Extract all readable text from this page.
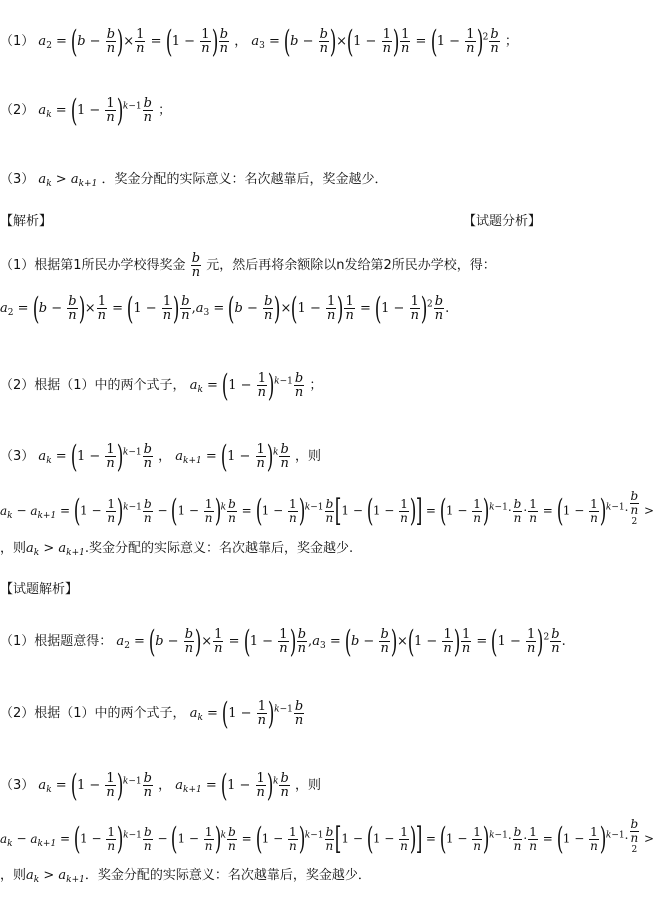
（1） $a_2 = (b - \frac{b}{n}$ )× $\frac{1}{n} = (1 - \frac{1}{n}$ ) $\frac{b}{n}$ ， $a_3 = (b - \frac{b}{n} )\times(1 - \frac{1}{n}$ ) $\frac{1}{n} = (1 - \frac{1}{n} )^2 \frac{b}{n}$ ；
（2） $a_k = (1 - \frac{1}{n} )^{k-1} \frac{b}{n}$ ；
（3） $a_k > a_{k+1}$ ．奖金分配的实际意义：名次越靠后，奖金越少．
【解析】	【试题分析】
（1）根据第1所民办学校得奖金 $\frac{b}{n}$ 元，然后再将余额除以n发给第2所民办学校，得：
$a_2 = (b - \frac{b}{n}$ )× $\frac{1}{n} = (1 - \frac{1}{n}$ ) $\frac{b}{n} ,a_3 = (b - \frac{b}{n} )\times(1 - \frac{1}{n}$ ) $\frac{1}{n} = (1 - \frac{1}{n} )^2 \frac{b}{n}$ .
（2）根据（1）中的两个式子， $a_k = (1 - \frac{1}{n} )^{k-1} \frac{b}{n}$ ；
（3） $a_k = (1 - \frac{1}{n} )^{k-1} \frac{b}{n}$ ， $a_{k+1} = (1 - \frac{1}{n} )^k \frac{b}{n}$ ，则
$a_k - a_{k+1} = (1 - \frac{1}{n} )^{k-1} \frac{b}{n} - (1 - \frac{1}{n} )^k \frac{b}{n} = (1 - \frac{1}{n} )^{k-1} \frac{b}{n} [1 - (1 - \frac{1}{n}$ )] = $(1 - \frac{1}{n} )^{k-1}\cdot \frac{b}{n} \cdot \frac{1}{n} = (1 - \frac{1}{n} )^{k-1}\cdot$
b
n
$^2$ >
，则$a_k > a_{k+1}$.奖金分配的实际意义：名次越靠后，奖金越少.
【试题解析】
（1）根据题意得： $a_2 = (b - \frac{b}{n}$ )× $\frac{1}{n} = (1 - \frac{1}{n}$ ) $\frac{b}{n} ,a_3 = (b - \frac{b}{n} )\times(1 - \frac{1}{n}$ ) $\frac{1}{n} = (1 - \frac{1}{n} )^2 \frac{b}{n}$ .
（2）根据（1）中的两个式子， $a_k = (1 - \frac{1}{n} )^{k-1} \frac{b}{n}$
（3） $a_k = (1 - \frac{1}{n} )^{k-1} \frac{b}{n}$ ， $a_{k+1} = (1 - \frac{1}{n} )^k \frac{b}{n}$ ，则
$a_k - a_{k+1} = (1 - \frac{1}{n} )^{k-1} \frac{b}{n} - (1 - \frac{1}{n} )^k \frac{b}{n} = (1 - \frac{1}{n} )^{k-1} \frac{b}{n} [1 - (1 - \frac{1}{n}$ )] = $(1 - \frac{1}{n} )^{k-1}\cdot \frac{b}{n} \cdot \frac{1}{n} = (1 - \frac{1}{n} )^{k-1}\cdot$
b
n
$^2$ >
，则$a_k > a_{k+1}$．奖金分配的实际意义：名次越靠后，奖金越少．
